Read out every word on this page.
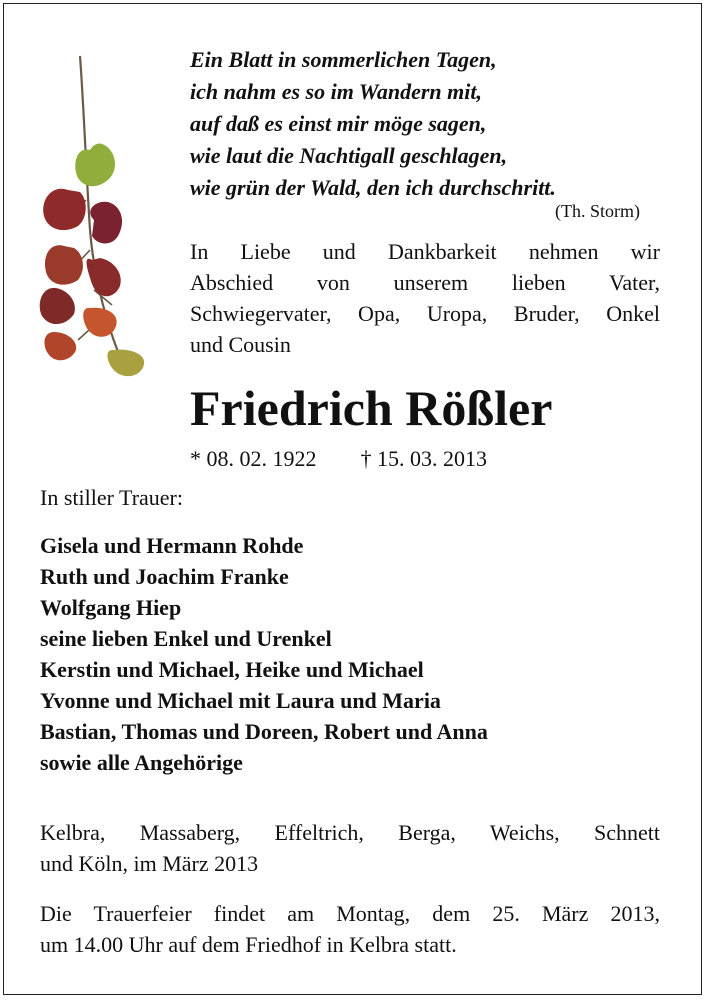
Ein Blatt in sommerlichen Tagen,
ich nahm es so im Wandern mit,
auf daß es einst mir möge sagen,
wie laut die Nachtigall geschlagen,
wie grün der Wald, den ich durchschritt.
(Th. Storm)
In Liebe und Dankbarkeit nehmen wir
Abschied von unserem lieben Vater,
Schwiegervater, Opa, Uropa, Bruder, Onkel
und Cousin
Friedrich Rößler
* 08. 02. 1922 † 15. 03. 2013
In stiller Trauer:
Gisela und Hermann Rohde
Ruth und Joachim Franke
Wolfgang Hiep
seine lieben Enkel und Urenkel
Kerstin und Michael, Heike und Michael
Yvonne und Michael mit Laura und Maria
Bastian, Thomas und Doreen, Robert und Anna
sowie alle Angehörige
Kelbra, Massaberg, Effeltrich, Berga, Weichs, Schnett
und Köln, im März 2013
Die Trauerfeier findet am Montag, dem 25. März 2013,
um 14.00 Uhr auf dem Friedhof in Kelbra statt.
